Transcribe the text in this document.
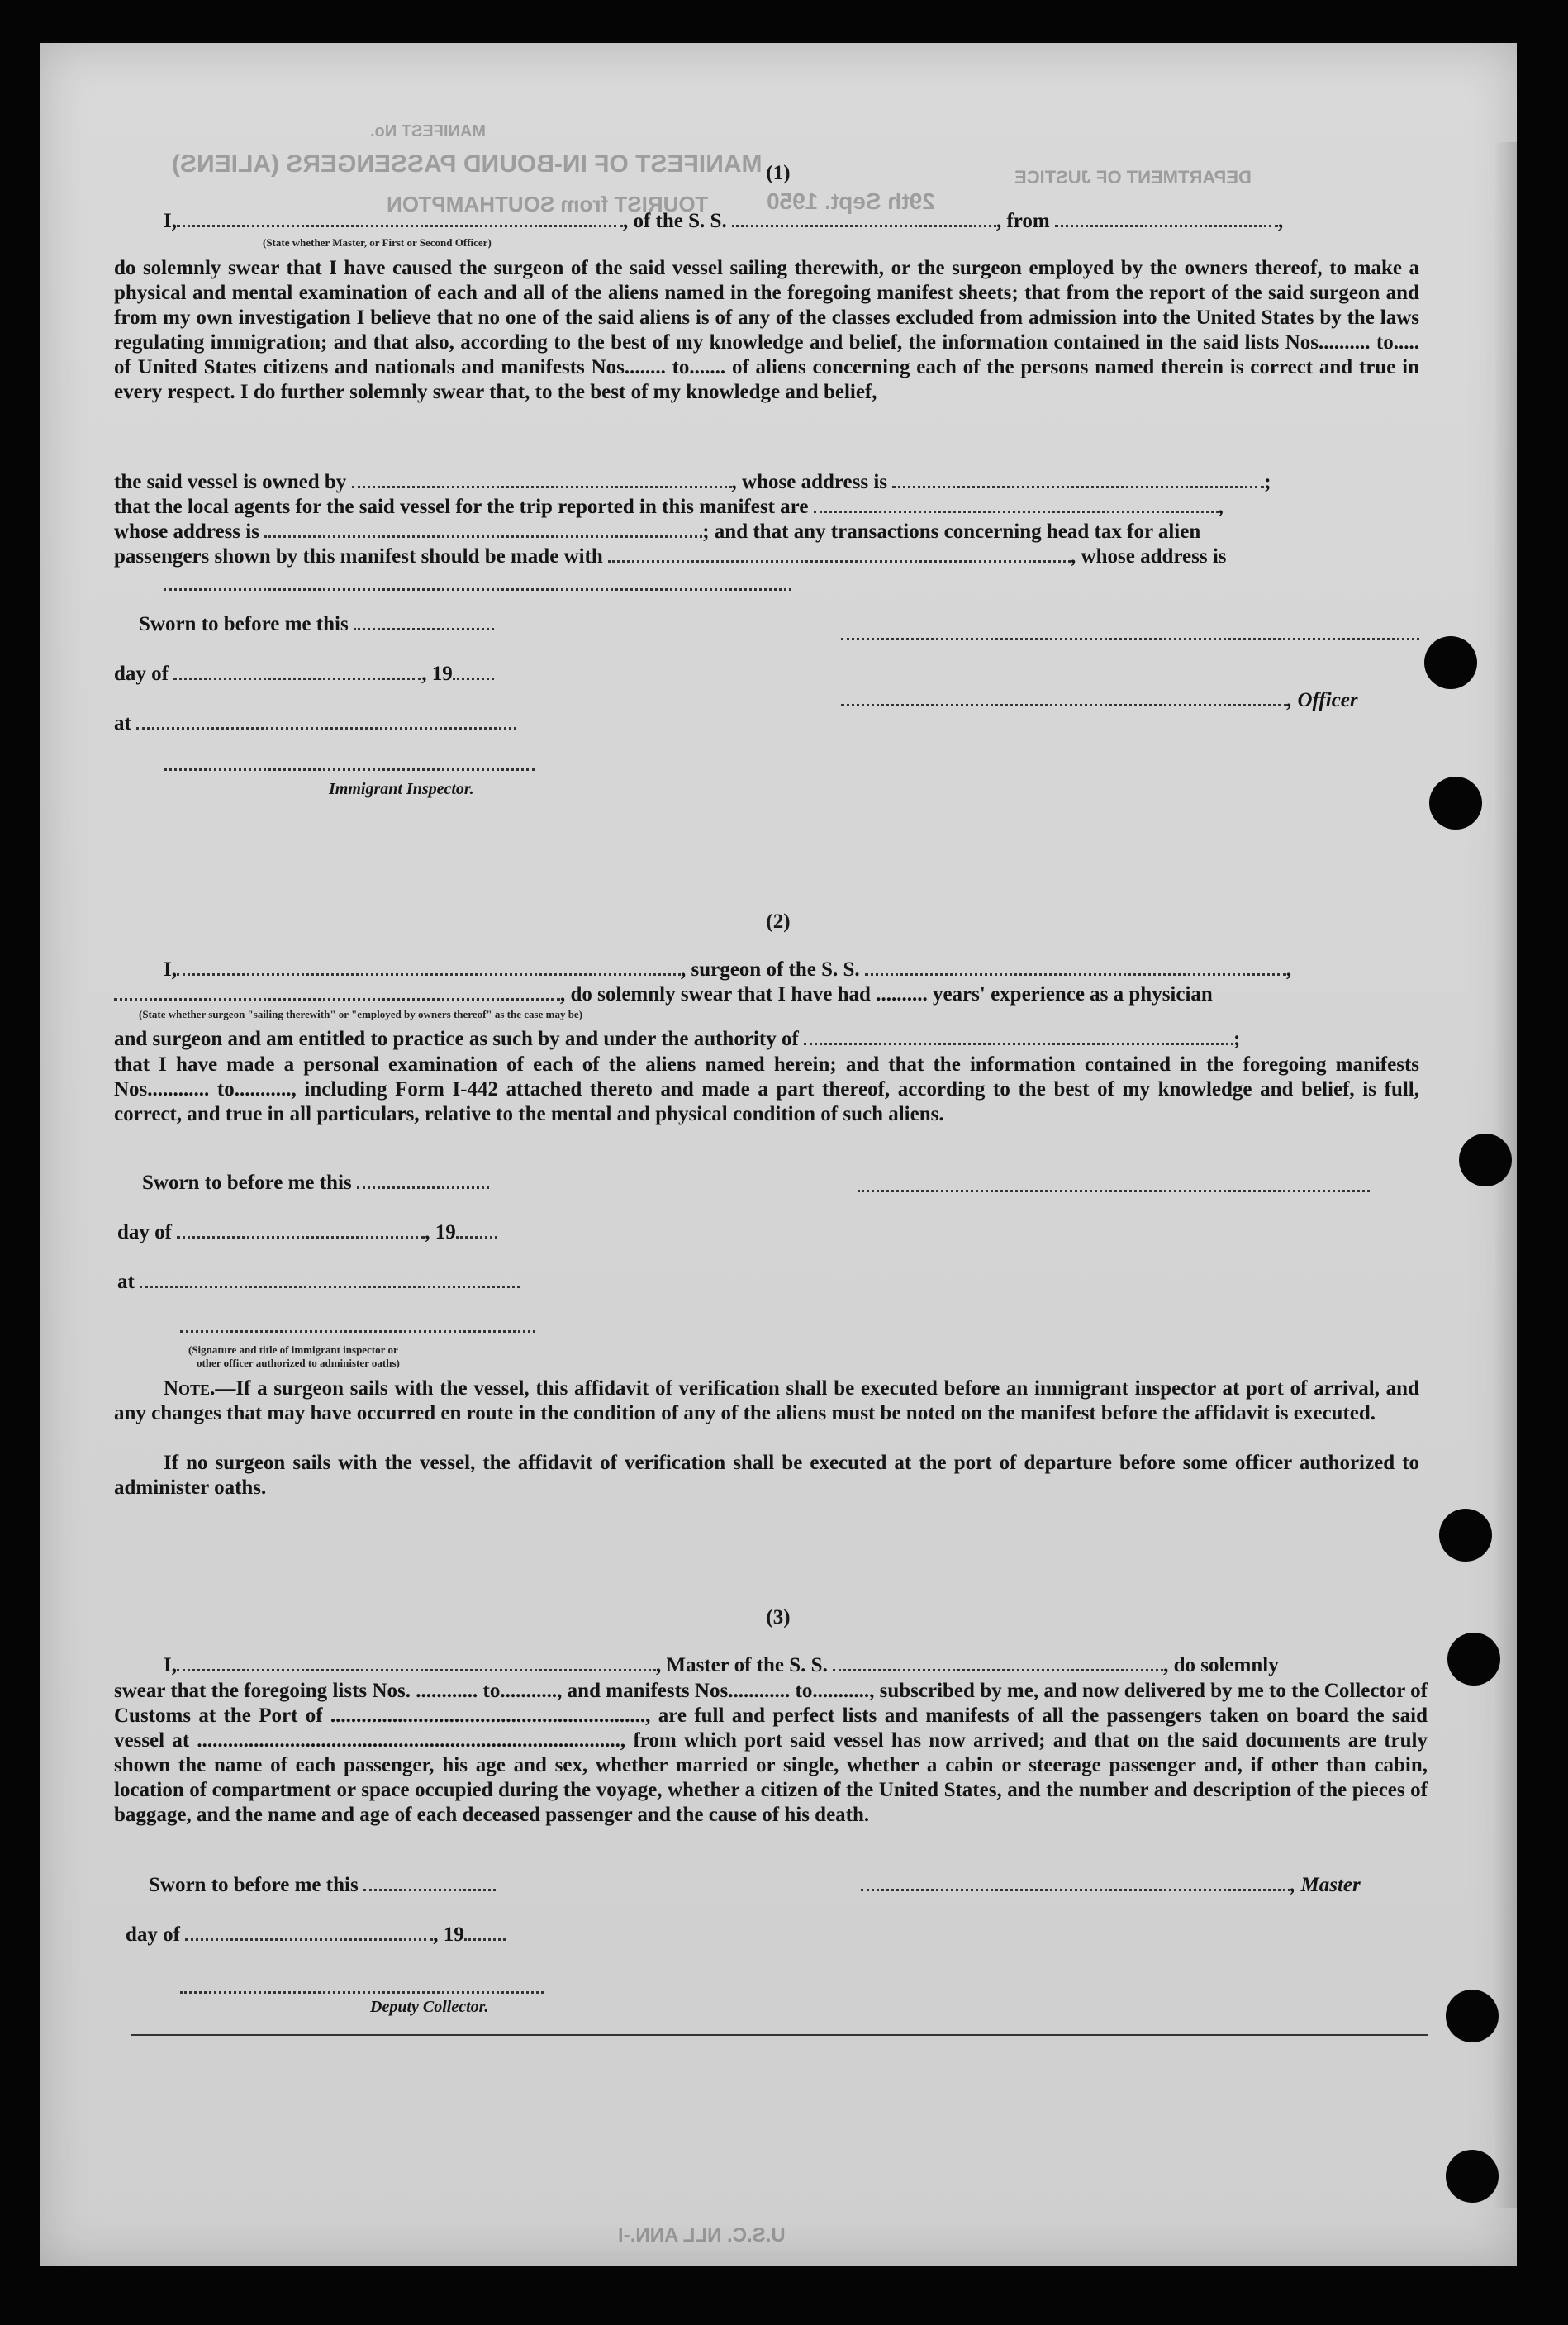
MANIFEST No.
MANIFEST OF IN-BOUND PASSENGERS (ALIENS)
TOURIST from SOUTHAMPTON	29th Sept. 1950
DEPARTMENT OF JUSTICE
(1)
I,	, of the S. S.	, from	,
(State whether Master, or First or Second Officer)
do solemnly swear that I have caused the surgeon of the said vessel sailing therewith, or the surgeon employed by the owners thereof, to make a physical and mental examination of each and all of the aliens named in the foregoing manifest sheets; that from the report of the said surgeon and from my own investigation I believe that no one of the said aliens is of any of the classes excluded from admission into the United States by the laws regulating immigration; and that also, according to the best of my knowledge and belief, the information contained in the said lists Nos.......... to..... of United States citizens and nationals and manifests Nos........ to....... of aliens concerning each of the persons named therein is correct and true in every respect. I do further solemnly swear that, to the best of my knowledge and belief,
the said vessel is owned by	, whose address is	;
that the local agents for the said vessel for the trip reported in this manifest are	,
whose address is	; and that any transactions concerning head tax for alien
passengers shown by this manifest should be made with	, whose address is
Sworn to before me this
day of	, 19
, Officer
at
Immigrant Inspector.
(2)
I,	, surgeon of the S. S.	,
, do solemnly swear that I have had .......... years' experience as a physician
(State whether surgeon "sailing therewith" or "employed by owners thereof" as the case may be)
and surgeon and am entitled to practice as such by and under the authority of	;
that I have made a personal examination of each of the aliens named herein; and that the information contained in the foregoing manifests Nos............ to..........., including Form I-442 attached thereto and made a part thereof, according to the best of my knowledge and belief, is full, correct, and true in all particulars, relative to the mental and physical condition of such aliens.
Sworn to before me this
day of	, 19
at
(Signature and title of immigrant inspector or
other officer authorized to administer oaths)
Note.—If a surgeon sails with the vessel, this affidavit of verification shall be executed before an immigrant inspector at port of arrival, and any changes that may have occurred en route in the condition of any of the aliens must be noted on the manifest before the affidavit is executed.
If no surgeon sails with the vessel, the affidavit of verification shall be executed at the port of departure before some officer authorized to administer oaths.
(3)
I,	, Master of the S. S.	, do solemnly
swear that the foregoing lists Nos. ............ to..........., and manifests Nos............ to..........., subscribed by me, and now delivered by me to the Collector of Customs at the Port of ............................................................., are full and perfect lists and manifests of all the passengers taken on board the said vessel at .................................................................................., from which port said vessel has now arrived; and that on the said documents are truly shown the name of each passenger, his age and sex, whether married or single, whether a cabin or steerage passenger and, if other than cabin, location of compartment or space occupied during the voyage, whether a citizen of the United States, and the number and description of the pieces of baggage, and the name and age of each deceased passenger and the cause of his death.
Sworn to before me this	, Master
day of	, 19
Deputy Collector.
U.S.C. NLL ANN.-I
